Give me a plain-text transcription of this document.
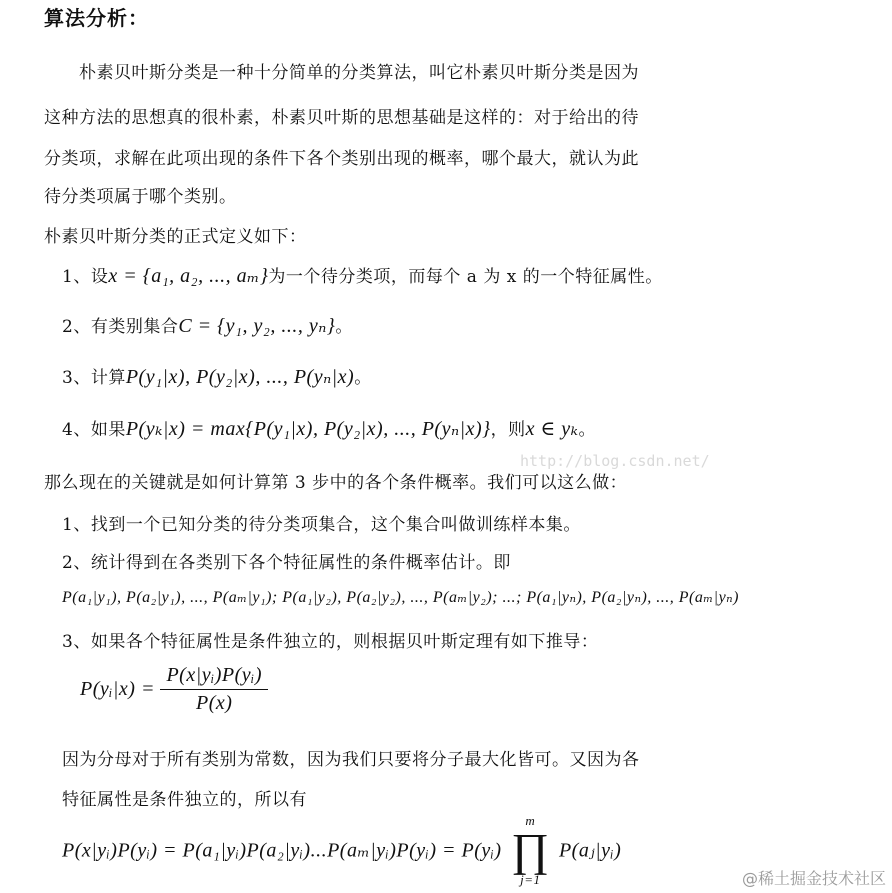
算法分析：
朴素贝叶斯分类是一种十分简单的分类算法，叫它朴素贝叶斯分类是因为
这种方法的思想真的很朴素，朴素贝叶斯的思想基础是这样的：对于给出的待
分类项，求解在此项出现的条件下各个类别出现的概率，哪个最大，就认为此
待分类项属于哪个类别。
朴素贝叶斯分类的正式定义如下：
1、设x = {a₁, a₂, ..., aₘ}为一个待分类项，而每个 a 为 x 的一个特征属性。
2、有类别集合C = {y₁, y₂, ..., yₙ}。
3、计算P(y₁|x), P(y₂|x), ..., P(yₙ|x)。
4、如果P(yₖ|x) = max{P(y₁|x), P(y₂|x), ..., P(yₙ|x)}，则x ∈ yₖ。
http://blog.csdn.net/
那么现在的关键就是如何计算第 3 步中的各个条件概率。我们可以这么做：
1、找到一个已知分类的待分类项集合，这个集合叫做训练样本集。
2、统计得到在各类别下各个特征属性的条件概率估计。即
P(a₁|y₁), P(a₂|y₁), ..., P(aₘ|y₁); P(a₁|y₂), P(a₂|y₂), ..., P(aₘ|y₂); ...; P(a₁|yₙ), P(a₂|yₙ), ..., P(aₘ|yₙ)
3、如果各个特征属性是条件独立的，则根据贝叶斯定理有如下推导：
P(yᵢ|x) = $\frac{\text{P(x|yᵢ)P(yᵢ)}}{P(x)}$
因为分母对于所有类别为常数，因为我们只要将分子最大化皆可。又因为各
特征属性是条件独立的，所以有
P(x|yᵢ)P(yᵢ) = P(a₁|yᵢ)P(a₂|yᵢ)...P(aₘ|yᵢ)P(yᵢ) = P(yᵢ)
m
∏
j=1
P(aⱼ|yᵢ)
@稀土掘金技术社区
